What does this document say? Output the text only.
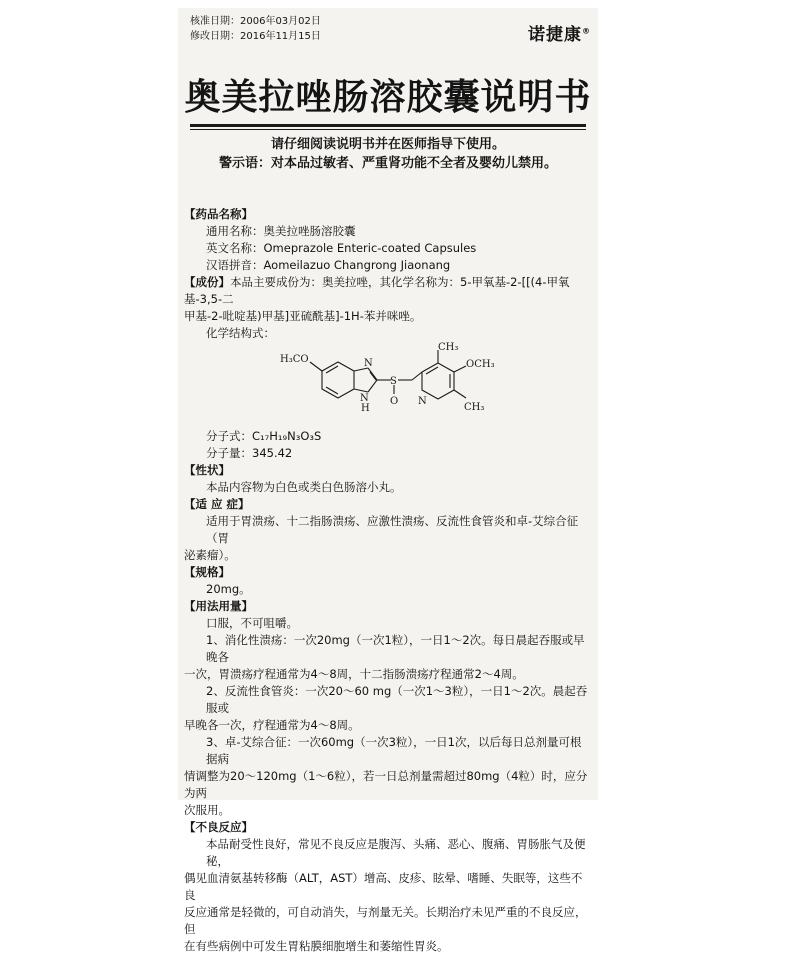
核准日期：2006年03月02日
修改日期：2016年11月15日	诺捷康®
奥美拉唑肠溶胶囊说明书
请仔细阅读说明书并在医师指导下使用。
警示语：对本品过敏者、严重肾功能不全者及婴幼儿禁用。

【药品名称】

通用名称：奥美拉唑肠溶胶囊

英文名称：Omeprazole Enteric-coated Capsules

汉语拼音：Aomeilazuo Changrong Jiaonang

【成份】本品主要成份为：奥美拉唑，其化学名称为：5-甲氧基-2-[[(4-甲氧基-3,5-二

甲基-2-吡啶基)甲基]亚硫酰基]-1H-苯并咪唑。

化学结构式：

H₃CO	N
N
H
S
O
CH₃
OCH₃
N
CH₃

分子式：C₁₇H₁₉N₃O₃S

分子量：345.42

【性状】

本品内容物为白色或类白色肠溶小丸。

【适 应 症】

适用于胃溃疡、十二指肠溃疡、应激性溃疡、反流性食管炎和卓-艾综合征（胃

泌素瘤）。

【规格】

20mg。

【用法用量】

口服，不可咀嚼。

1、消化性溃疡：一次20mg（一次1粒），一日1～2次。每日晨起吞服或早晚各

一次，胃溃疡疗程通常为4～8周，十二指肠溃疡疗程通常2～4周。

2、反流性食管炎：一次20～60 mg（一次1～3粒），一日1～2次。晨起吞服或

早晚各一次，疗程通常为4～8周。

3、卓-艾综合征：一次60mg（一次3粒），一日1次，以后每日总剂量可根据病

情调整为20～120mg（1～6粒），若一日总剂量需超过80mg（4粒）时，应分为两

次服用。

【不良反应】

本品耐受性良好，常见不良反应是腹泻、头痛、恶心、腹痛、胃肠胀气及便秘，

偶见血清氨基转移酶（ALT，AST）增高、皮疹、眩晕、嗜睡、失眠等，这些不良

反应通常是轻微的，可自动消失，与剂量无关。长期治疗未见严重的不良反应，但

在有些病例中可发生胃粘膜细胞增生和萎缩性胃炎。
